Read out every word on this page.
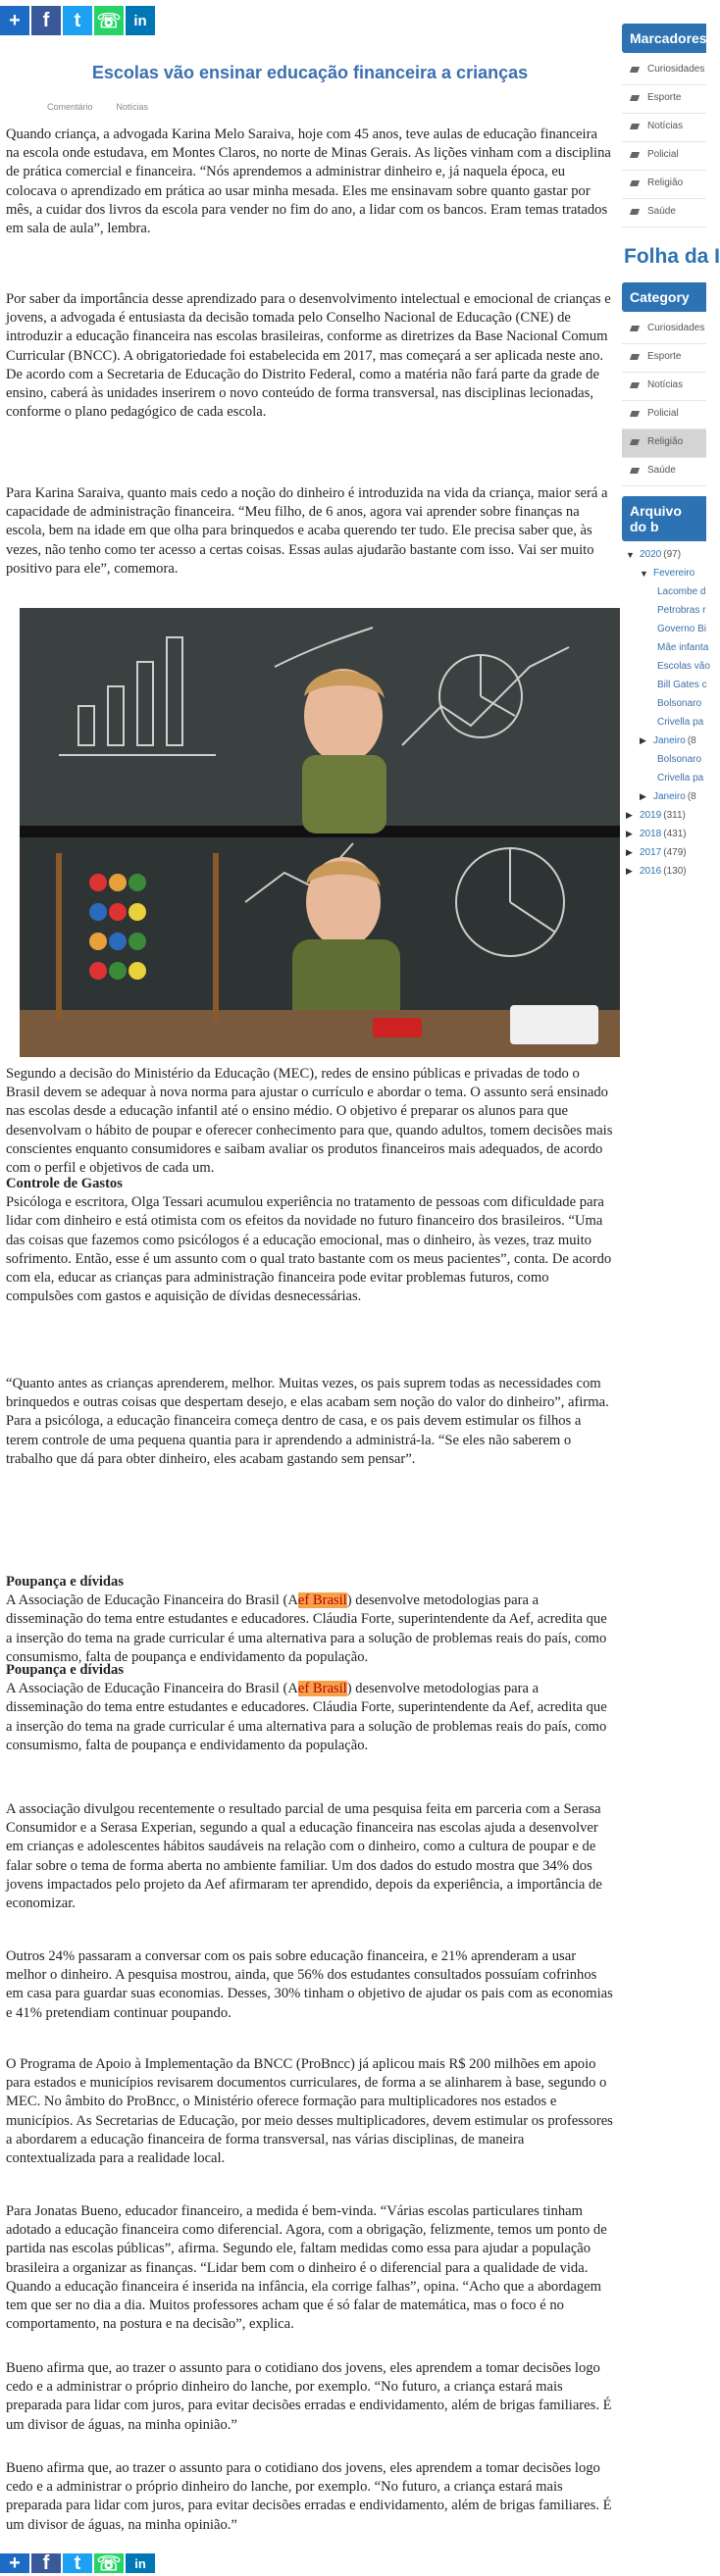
+	f	t ☏ in
Escolas vão ensinar educação financeira a crianças
Comentário	Notícias

Quando criança, a advogada Karina Melo Saraiva, hoje com 45 anos, teve aulas de educação financeira na escola onde estudava, em Montes Claros, no norte de Minas Gerais. As lições vinham com a disciplina de prática comercial e financeira. “Nós aprendemos a administrar dinheiro e, já naquela época, eu colocava o aprendizado em prática ao usar minha mesada. Eles me ensinavam sobre quanto gastar por mês, a cuidar dos livros da escola para vender no fim do ano, a lidar com os bancos. Eram temas tratados em sala de aula”, lembra.

Por saber da importância desse aprendizado para o desenvolvimento intelectual e emocional de crianças e jovens, a advogada é entusiasta da decisão tomada pelo Conselho Nacional de Educação (CNE) de introduzir a educação financeira nas escolas brasileiras, conforme as diretrizes da Base Nacional Comum Curricular (BNCC). A obrigatoriedade foi estabelecida em 2017, mas começará a ser aplicada neste ano. De acordo com a Secretaria de Educação do Distrito Federal, como a matéria não fará parte da grade de ensino, caberá às unidades inserirem o novo conteúdo de forma transversal, nas disciplinas lecionadas, conforme o plano pedagógico de cada escola.

Para Karina Saraiva, quanto mais cedo a noção do dinheiro é introduzida na vida da criança, maior será a capacidade de administração financeira. “Meu filho, de 6 anos, agora vai aprender sobre finanças na escola, bem na idade em que olha para brinquedos e acaba querendo ter tudo. Ele precisa saber que, às vezes, não tenho como ter acesso a certas coisas. Essas aulas ajudarão bastante com isso. Vai ser muito positivo para ele”, comemora.

Segundo a decisão do Ministério da Educação (MEC), redes de ensino públicas e privadas de todo o Brasil devem se adequar à nova norma para ajustar o currículo e abordar o tema. O assunto será ensinado nas escolas desde a educação infantil até o ensino médio. O objetivo é preparar os alunos para que desenvolvam o hábito de poupar e oferecer conhecimento para que, quando adultos, tomem decisões mais conscientes enquanto consumidores e saibam avaliar os produtos financeiros mais adequados, de acordo com o perfil e objetivos de cada um.

Controle de Gastos
Psicóloga e escritora, Olga Tessari acumulou experiência no tratamento de pessoas com dificuldade para lidar com dinheiro e está otimista com os efeitos da novidade no futuro financeiro dos brasileiros. “Uma das coisas que fazemos como psicólogos é a educação emocional, mas o dinheiro, às vezes, traz muito sofrimento. Então, esse é um assunto com o qual trato bastante com os meus pacientes”, conta. De acordo com ela, educar as crianças para administração financeira pode evitar problemas futuros, como compulsões com gastos e aquisição de dívidas desnecessárias.

“Quanto antes as crianças aprenderem, melhor. Muitas vezes, os pais suprem todas as necessidades com brinquedos e outras coisas que despertam desejo, e elas acabam sem noção do valor do dinheiro”, afirma. Para a psicóloga, a educação financeira começa dentro de casa, e os pais devem estimular os filhos a terem controle de uma pequena quantia para ir aprendendo a administrá-la. “Se eles não saberem o trabalho que dá para obter dinheiro, eles acabam gastando sem pensar”.

Poupança e dívidas
A Associação de Educação Financeira do Brasil (Aef Brasil) desenvolve metodologias para a disseminação do tema entre estudantes e educadores. Cláudia Forte, superintendente da Aef, acredita que a inserção do tema na grade curricular é uma alternativa para a solução de problemas reais do país, como consumismo, falta de poupança e endividamento da população.
Poupança e dívidas
A Associação de Educação Financeira do Brasil (Aef Brasil) desenvolve metodologias para a disseminação do tema entre estudantes e educadores. Cláudia Forte, superintendente da Aef, acredita que a inserção do tema na grade curricular é uma alternativa para a solução de problemas reais do país, como consumismo, falta de poupança e endividamento da população.

A associação divulgou recentemente o resultado parcial de uma pesquisa feita em parceria com a Serasa Consumidor e a Serasa Experian, segundo a qual a educação financeira nas escolas ajuda a desenvolver em crianças e adolescentes hábitos saudáveis na relação com o dinheiro, como a cultura de poupar e de falar sobre o tema de forma aberta no ambiente familiar. Um dos dados do estudo mostra que 34% dos jovens impactados pelo projeto da Aef afirmaram ter aprendido, depois da experiência, a importância de economizar.

Outros 24% passaram a conversar com os pais sobre educação financeira, e 21% aprenderam a usar melhor o dinheiro. A pesquisa mostrou, ainda, que 56% dos estudantes consultados possuíam cofrinhos em casa para guardar suas economias. Desses, 30% tinham o objetivo de ajudar os pais com as economias e 41% pretendiam continuar poupando.

O Programa de Apoio à Implementação da BNCC (ProBncc) já aplicou mais R$ 200 milhões em apoio para estados e municípios revisarem documentos curriculares, de forma a se alinharem à base, segundo o MEC. No âmbito do ProBncc, o Ministério oferece formação para multiplicadores nos estados e municípios. As Secretarias de Educação, por meio desses multiplicadores, devem estimular os professores a abordarem a educação financeira de forma transversal, nas várias disciplinas, de maneira contextualizada para a realidade local.

Para Jonatas Bueno, educador financeiro, a medida é bem-vinda. “Várias escolas particulares tinham adotado a educação financeira como diferencial. Agora, com a obrigação, felizmente, temos um ponto de partida nas escolas públicas”, afirma. Segundo ele, faltam medidas como essa para ajudar a população brasileira a organizar as finanças. “Lidar bem com o dinheiro é o diferencial para a qualidade de vida. Quando a educação financeira é inserida na infância, ela corrige falhas”, opina. “Acho que a abordagem tem que ser no dia a dia. Muitos professores acham que é só falar de matemática, mas o foco é no comportamento, na postura e na decisão”, explica.

Bueno afirma que, ao trazer o assunto para o cotidiano dos jovens, eles aprendem a tomar decisões logo cedo e a administrar o próprio dinheiro do lanche, por exemplo. “No futuro, a criança estará mais preparada para lidar com juros, para evitar decisões erradas e endividamento, além de brigas familiares. É um divisor de águas, na minha opinião.”

Bueno afirma que, ao trazer o assunto para o cotidiano dos jovens, eles aprendem a tomar decisões logo cedo e a administrar o próprio dinheiro do lanche, por exemplo. “No futuro, a criança estará mais preparada para lidar com juros, para evitar decisões erradas e endividamento, além de brigas familiares. É um divisor de águas, na minha opinião.”

+	f	t ☏	in
Marcadores
Curiosidades
Esporte
Notícias
Policial
Religião
Saúde
Folha da I
Category
Curiosidades
Esporte
Notícias
Policial
Religião
Saúde
Arquivo do b
▼ 2020 (97)
▼ Fevereiro
Lacombe d
Petrobras r
Governo Bi
Mãe infanta
Escolas vão
Bill Gates c
Bolsonaro
Crivella pa
▶ Janeiro (8
Bolsonaro
Crivella pa
▶ Janeiro (8
▶ 2019 (311)
▶ 2018 (431)
▶ 2017 (479)
▶ 2016 (130)
